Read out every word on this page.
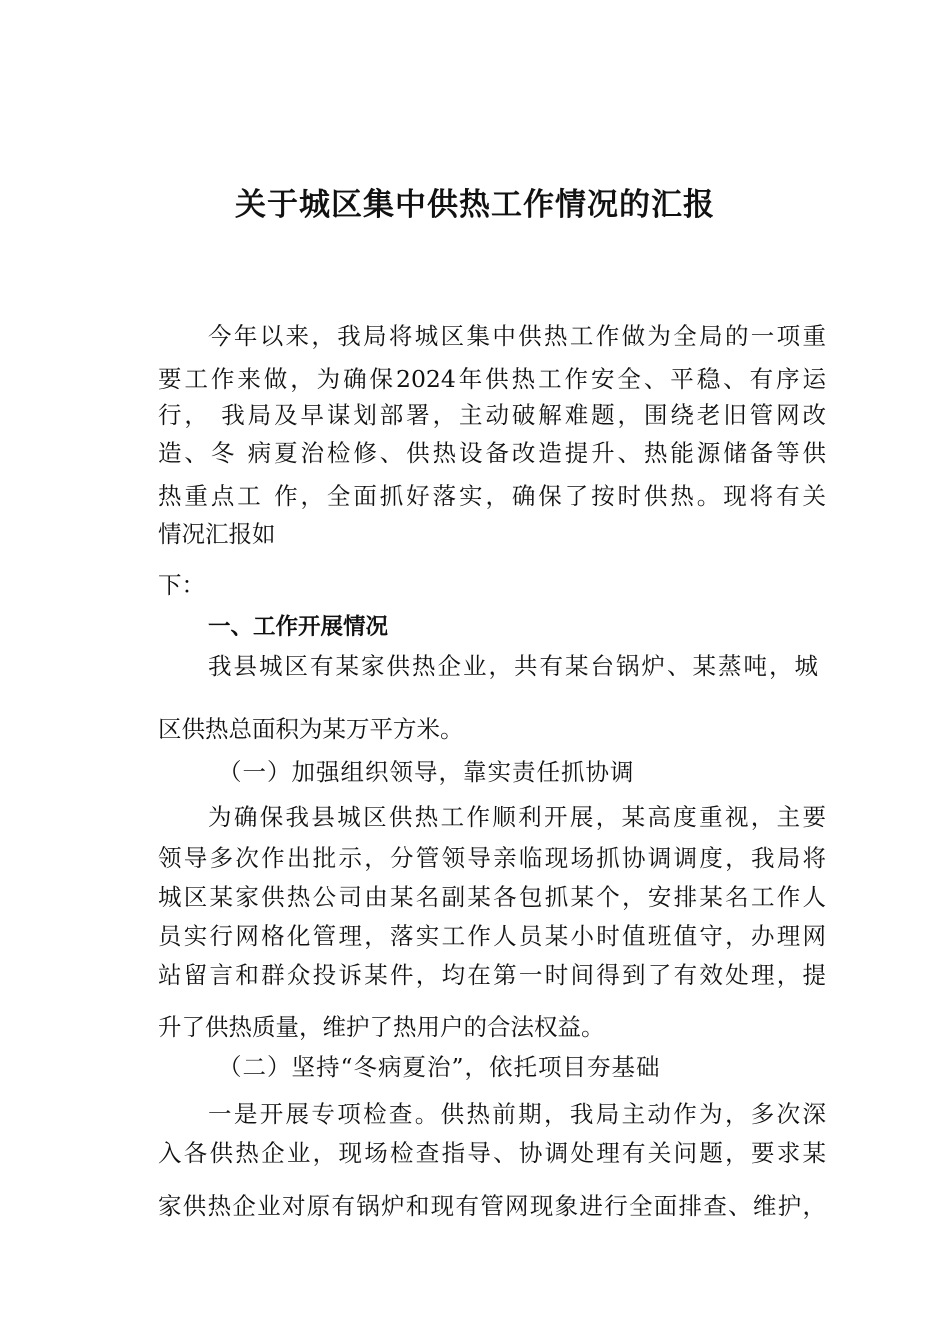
关于城区集中供热工作情况的汇报
今年以来，我局将城区集中供热工作做为全局的一项重
要工作来做，为确保2024年供热工作安全、平稳、有序运
行， 我局及早谋划部署，主动破解难题，围绕老旧管网改
造、冬 病夏治检修、供热设备改造提升、热能源储备等供
热重点工 作，全面抓好落实，确保了按时供热。现将有关
情况汇报如
下：
一、工作开展情况
我县城区有某家供热企业，共有某台锅炉、某蒸吨，城
区供热总面积为某万平方米。
（一）加强组织领导，靠实责任抓协调
为确保我县城区供热工作顺利开展，某高度重视，主要
领导多次作出批示，分管领导亲临现场抓协调调度，我局将
城区某家供热公司由某名副某各包抓某个，安排某名工作人
员实行网格化管理，落实工作人员某小时值班值守，办理网
站留言和群众投诉某件，均在第一时间得到了有效处理，提
升了供热质量，维护了热用户的合法权益。
（二）坚持“冬病夏治”，依托项目夯基础
一是开展专项检查。供热前期，我局主动作为，多次深
入各供热企业，现场检查指导、协调处理有关问题，要求某
家供热企业对原有锅炉和现有管网现象进行全面排查、维护，
